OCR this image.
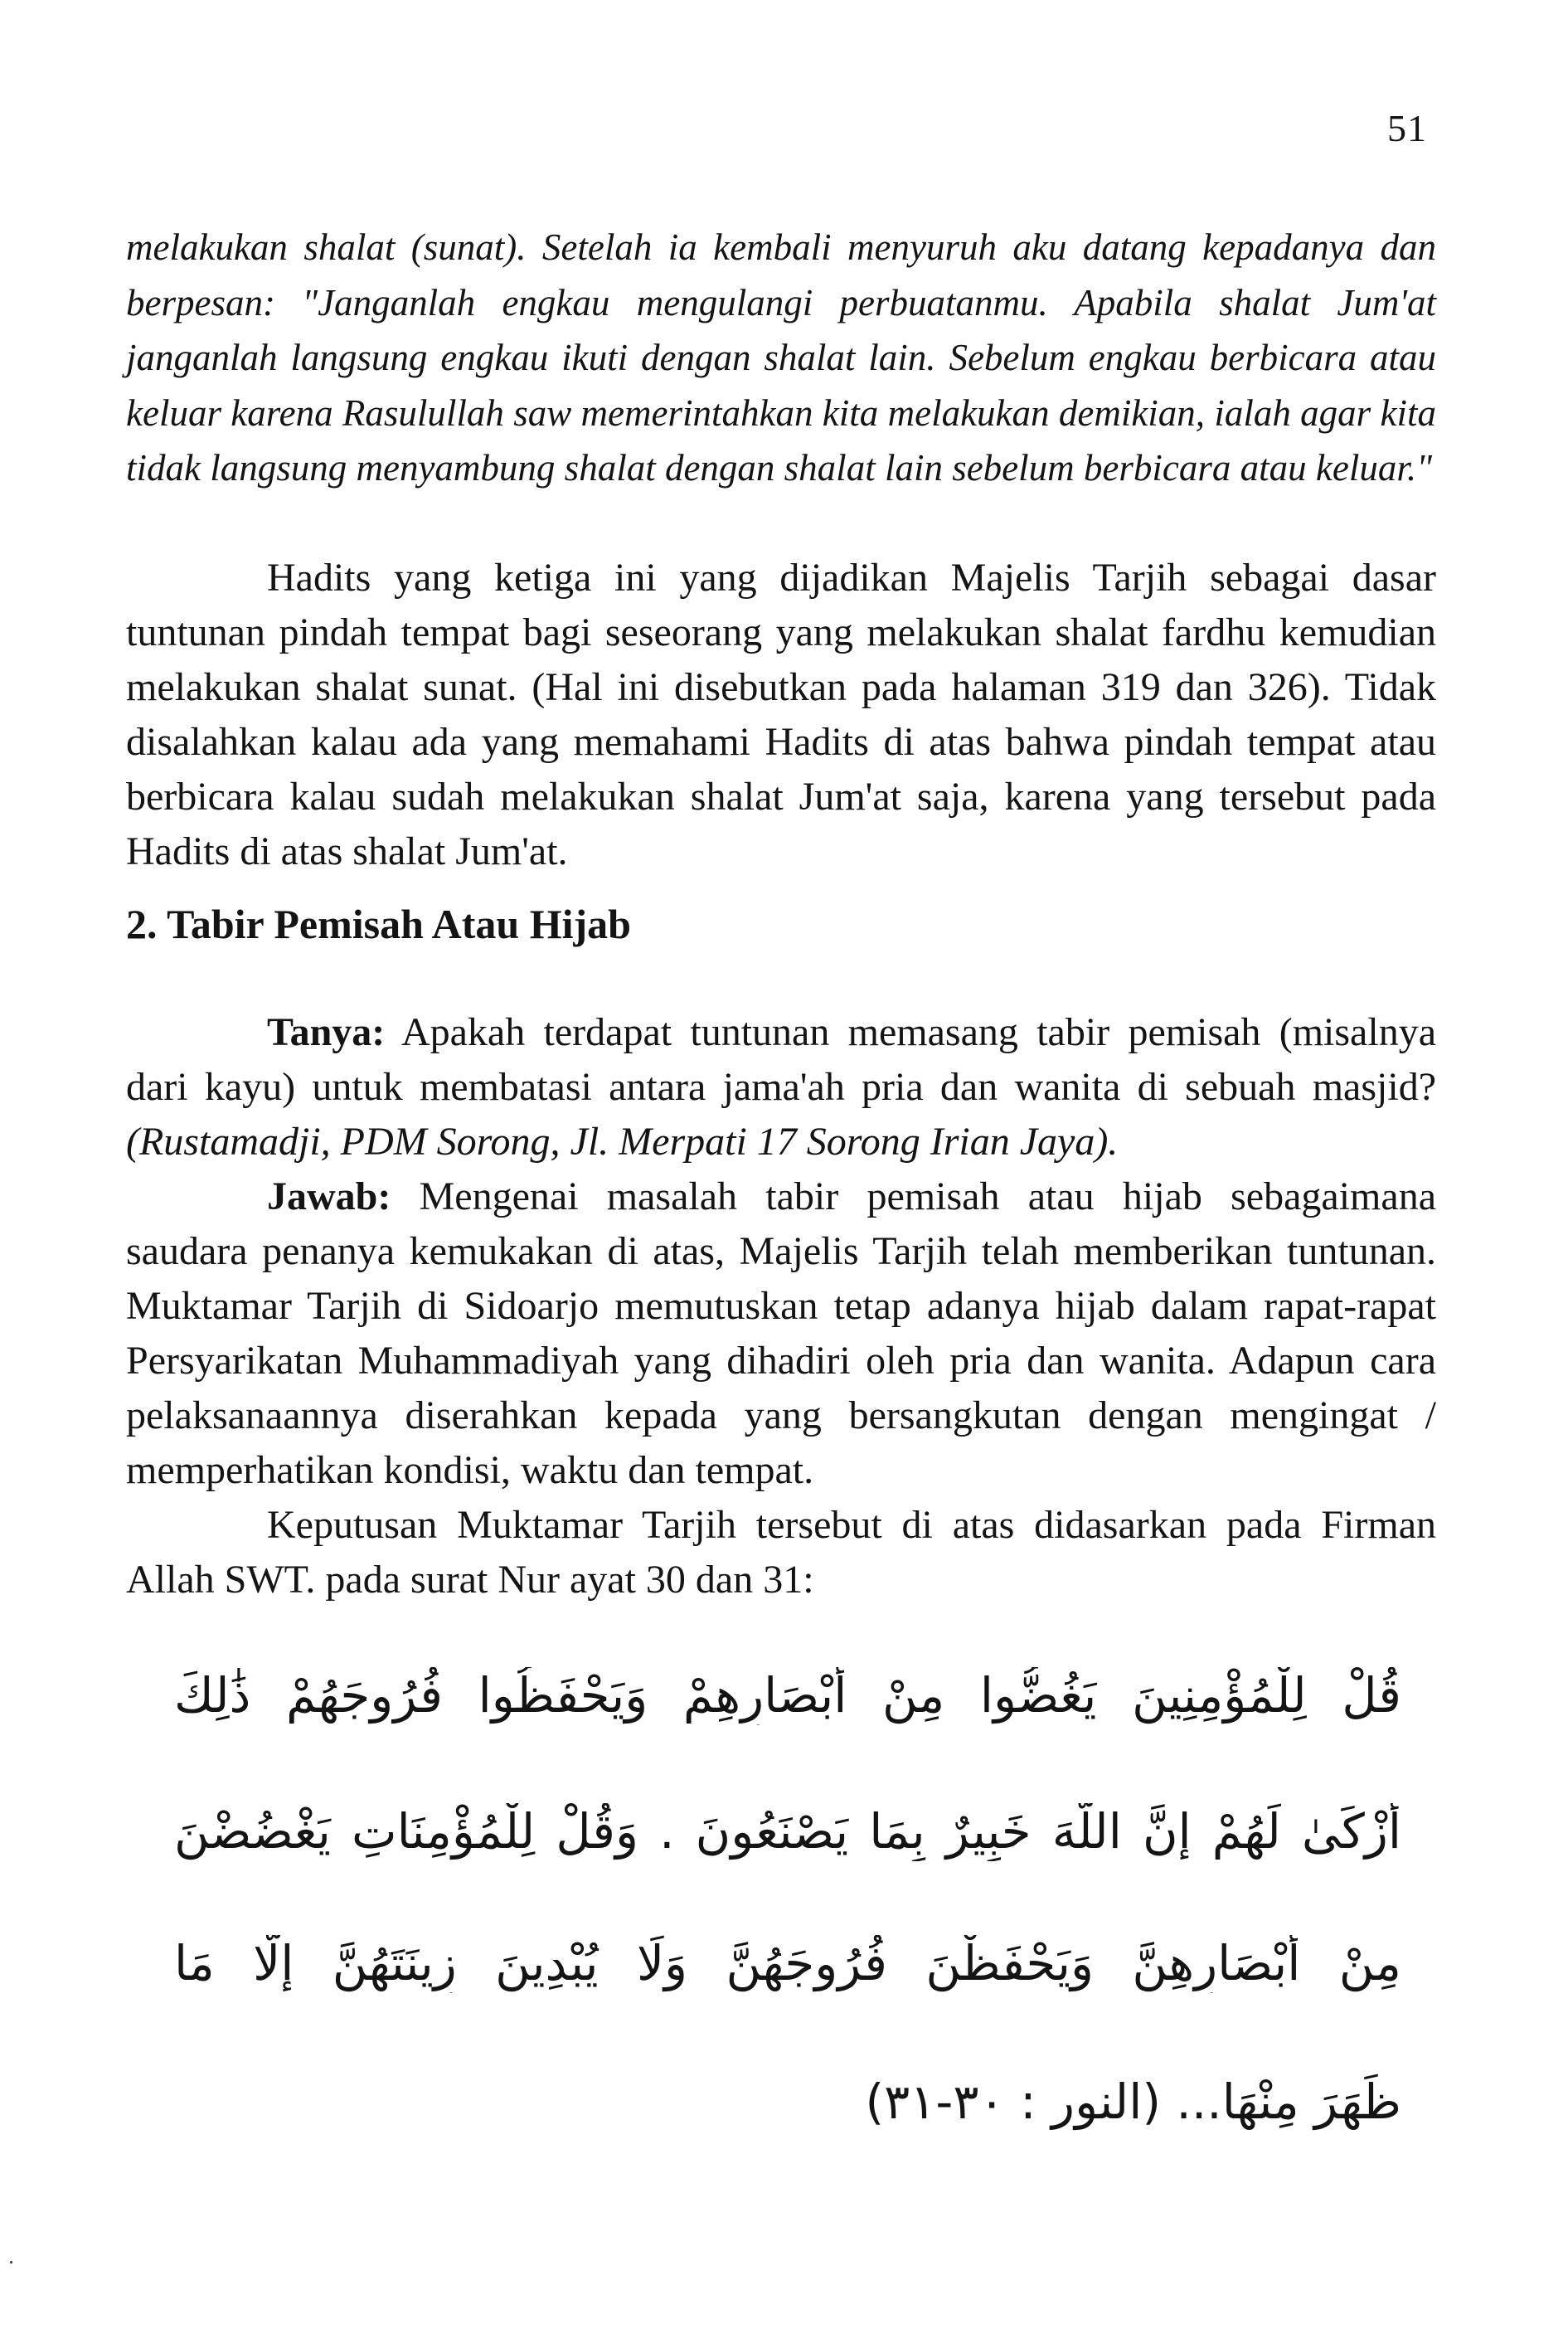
51

melakukan shalat (sunat). Setelah ia kembali menyuruh aku datang kepadanya dan berpesan: "Janganlah engkau mengulangi perbuatanmu. Apabila shalat Jum'at janganlah langsung engkau ikuti dengan shalat lain. Sebelum engkau berbicara atau keluar karena Rasulullah saw memerintahkan kita melakukan demikian, ialah agar kita tidak langsung menyambung shalat dengan shalat lain sebelum berbicara atau keluar."

Hadits yang ketiga ini yang dijadikan Majelis Tarjih sebagai dasar tuntunan pindah tempat bagi seseorang yang melakukan shalat fardhu kemudian melakukan shalat sunat. (Hal ini disebutkan pada halaman 319 dan 326). Tidak disalahkan kalau ada yang memahami Hadits di atas bahwa pindah tempat atau berbicara kalau sudah melakukan shalat Jum'at saja, karena yang tersebut pada Hadits di atas shalat Jum'at.

2. Tabir Pemisah Atau Hijab

Tanya: Apakah terdapat tuntunan memasang tabir pemisah (misalnya dari kayu) untuk membatasi antara jama'ah pria dan wanita di sebuah masjid? (Rustamadji, PDM Sorong, Jl. Merpati 17 Sorong Irian Jaya).

Jawab: Mengenai masalah tabir pemisah atau hijab sebagaimana saudara penanya kemukakan di atas, Majelis Tarjih telah memberikan tuntunan. Muktamar Tarjih di Sidoarjo memutuskan tetap adanya hijab dalam rapat-rapat Persyarikatan Muhammadiyah yang dihadiri oleh pria dan wanita. Adapun cara pelaksanaannya diserahkan kepada yang bersangkutan dengan mengingat / memperhatikan kondisi, waktu dan tempat.

Keputusan Muktamar Tarjih tersebut di atas didasarkan pada Firman Allah SWT. pada surat Nur ayat 30 dan 31:

قُلْ لِلْمُؤْمِنِينَ يَغُضُّوا مِنْ أَبْصَارِهِمْ وَيَحْفَظُوا فُرُوجَهُمْ ذَٰلِكَ
أَزْكَىٰ لَهُمْ إِنَّ اللَّهَ خَبِيرٌ بِمَا يَصْنَعُونَ . وَقُلْ لِلْمُؤْمِنَاتِ يَغْضُضْنَ
مِنْ أَبْصَارِهِنَّ وَيَحْفَظْنَ فُرُوجَهُنَّ وَلَا يُبْدِينَ زِينَتَهُنَّ إِلَّا مَا
ظَهَرَ مِنْهَا... (النور : ٣٠-٣١)
.
